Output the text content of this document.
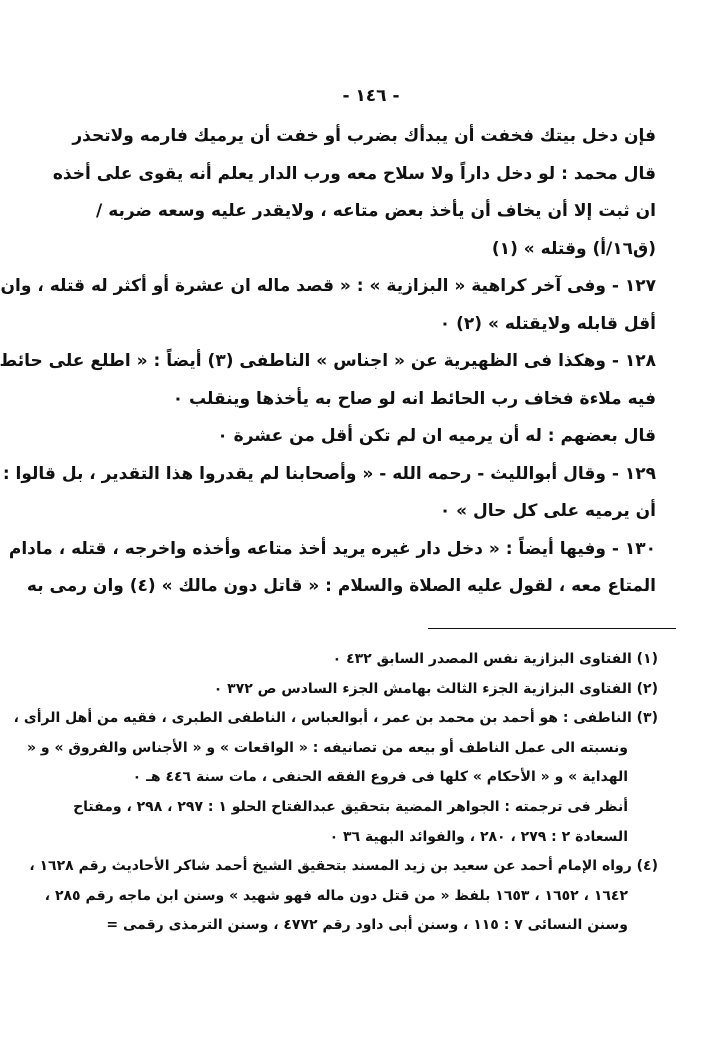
- ١٤٦ -
فإن دخل بيتك فخفت أن يبدأك بضرب أو خفت أن يرميك فارمه ولاتحذر
قال محمد : لو دخل داراً ولا سلاح معه ورب الدار يعلم أنه يقوى على أخذه
ان ثبت إلا أن يخاف أن يأخذ بعض متاعه ، ولايقدر عليه وسعه ضربه /
(ق١٦/أ) وقتله » (١)
١٢٧ - وفى آخر كراهية « البزازية » : « قصد ماله ان عشرة أو أكثر له قتله ، وان
أقل قابله ولايقتله » (٢) ٠
١٢٨ - وهكذا فى الظهيرية عن « اجناس » الناطفى (٣) أيضاً : « اطلع على حائط
فيه ملاءة فخاف رب الحائط انه لو صاح به يأخذها وينقلب ٠
قال بعضهم : له أن يرميه ان لم تكن أقل من عشرة ٠
١٢٩ - وقال أبوالليث - رحمه الله - « وأصحابنا لم يقدروا هذا التقدير ، بل قالوا :
أن يرميه على كل حال » ٠
١٣٠ - وفيها أيضاً : « دخل دار غيره يريد أخذ متاعه وأخذه واخرجه ، قتله ، مادام
المتاع معه ، لقول عليه الصلاة والسلام : « قاتل دون مالك » (٤) وان رمى به
(١) الفتاوى البزازية نفس المصدر السابق ٤٣٢ ٠
(٢) الفتاوى البزازية الجزء الثالث بهامش الجزء السادس ص ٣٧٢ ٠
(٣) الناطفى : هو أحمد بن محمد بن عمر ، أبوالعباس ، الناطفى الطبرى ، فقيه من أهل الرأى ،
ونسبته الى عمل الناطف أو بيعه من تصانيفه : « الواقعات » و « الأجناس والفروق » و «
الهداية » و « الأحكام » كلها فى فروع الفقه الحنفى ، مات سنة ٤٤٦ هـ ٠
أنظر فى ترجمته : الجواهر المضية بتحقيق عبدالفتاح الحلو ١ : ٢٩٧ ، ٢٩٨ ، ومفتاح
السعادة ٢ : ٢٧٩ ، ٢٨٠ ، والفوائد البهية ٣٦ ٠
(٤) رواه الإمام أحمد عن سعيد بن زيد المسند بتحقيق الشيخ أحمد شاكر الأحاديث رقم ١٦٢٨ ،
١٦٤٢ ، ١٦٥٢ ، ١٦٥٣ بلفظ « من قتل دون ماله فهو شهيد » وسنن ابن ماجه رقم ٢٨٥ ،
وسنن النسائى ٧ : ١١٥ ، وسنن أبى داود رقم ٤٧٧٢ ، وسنن الترمذى رقمى =
